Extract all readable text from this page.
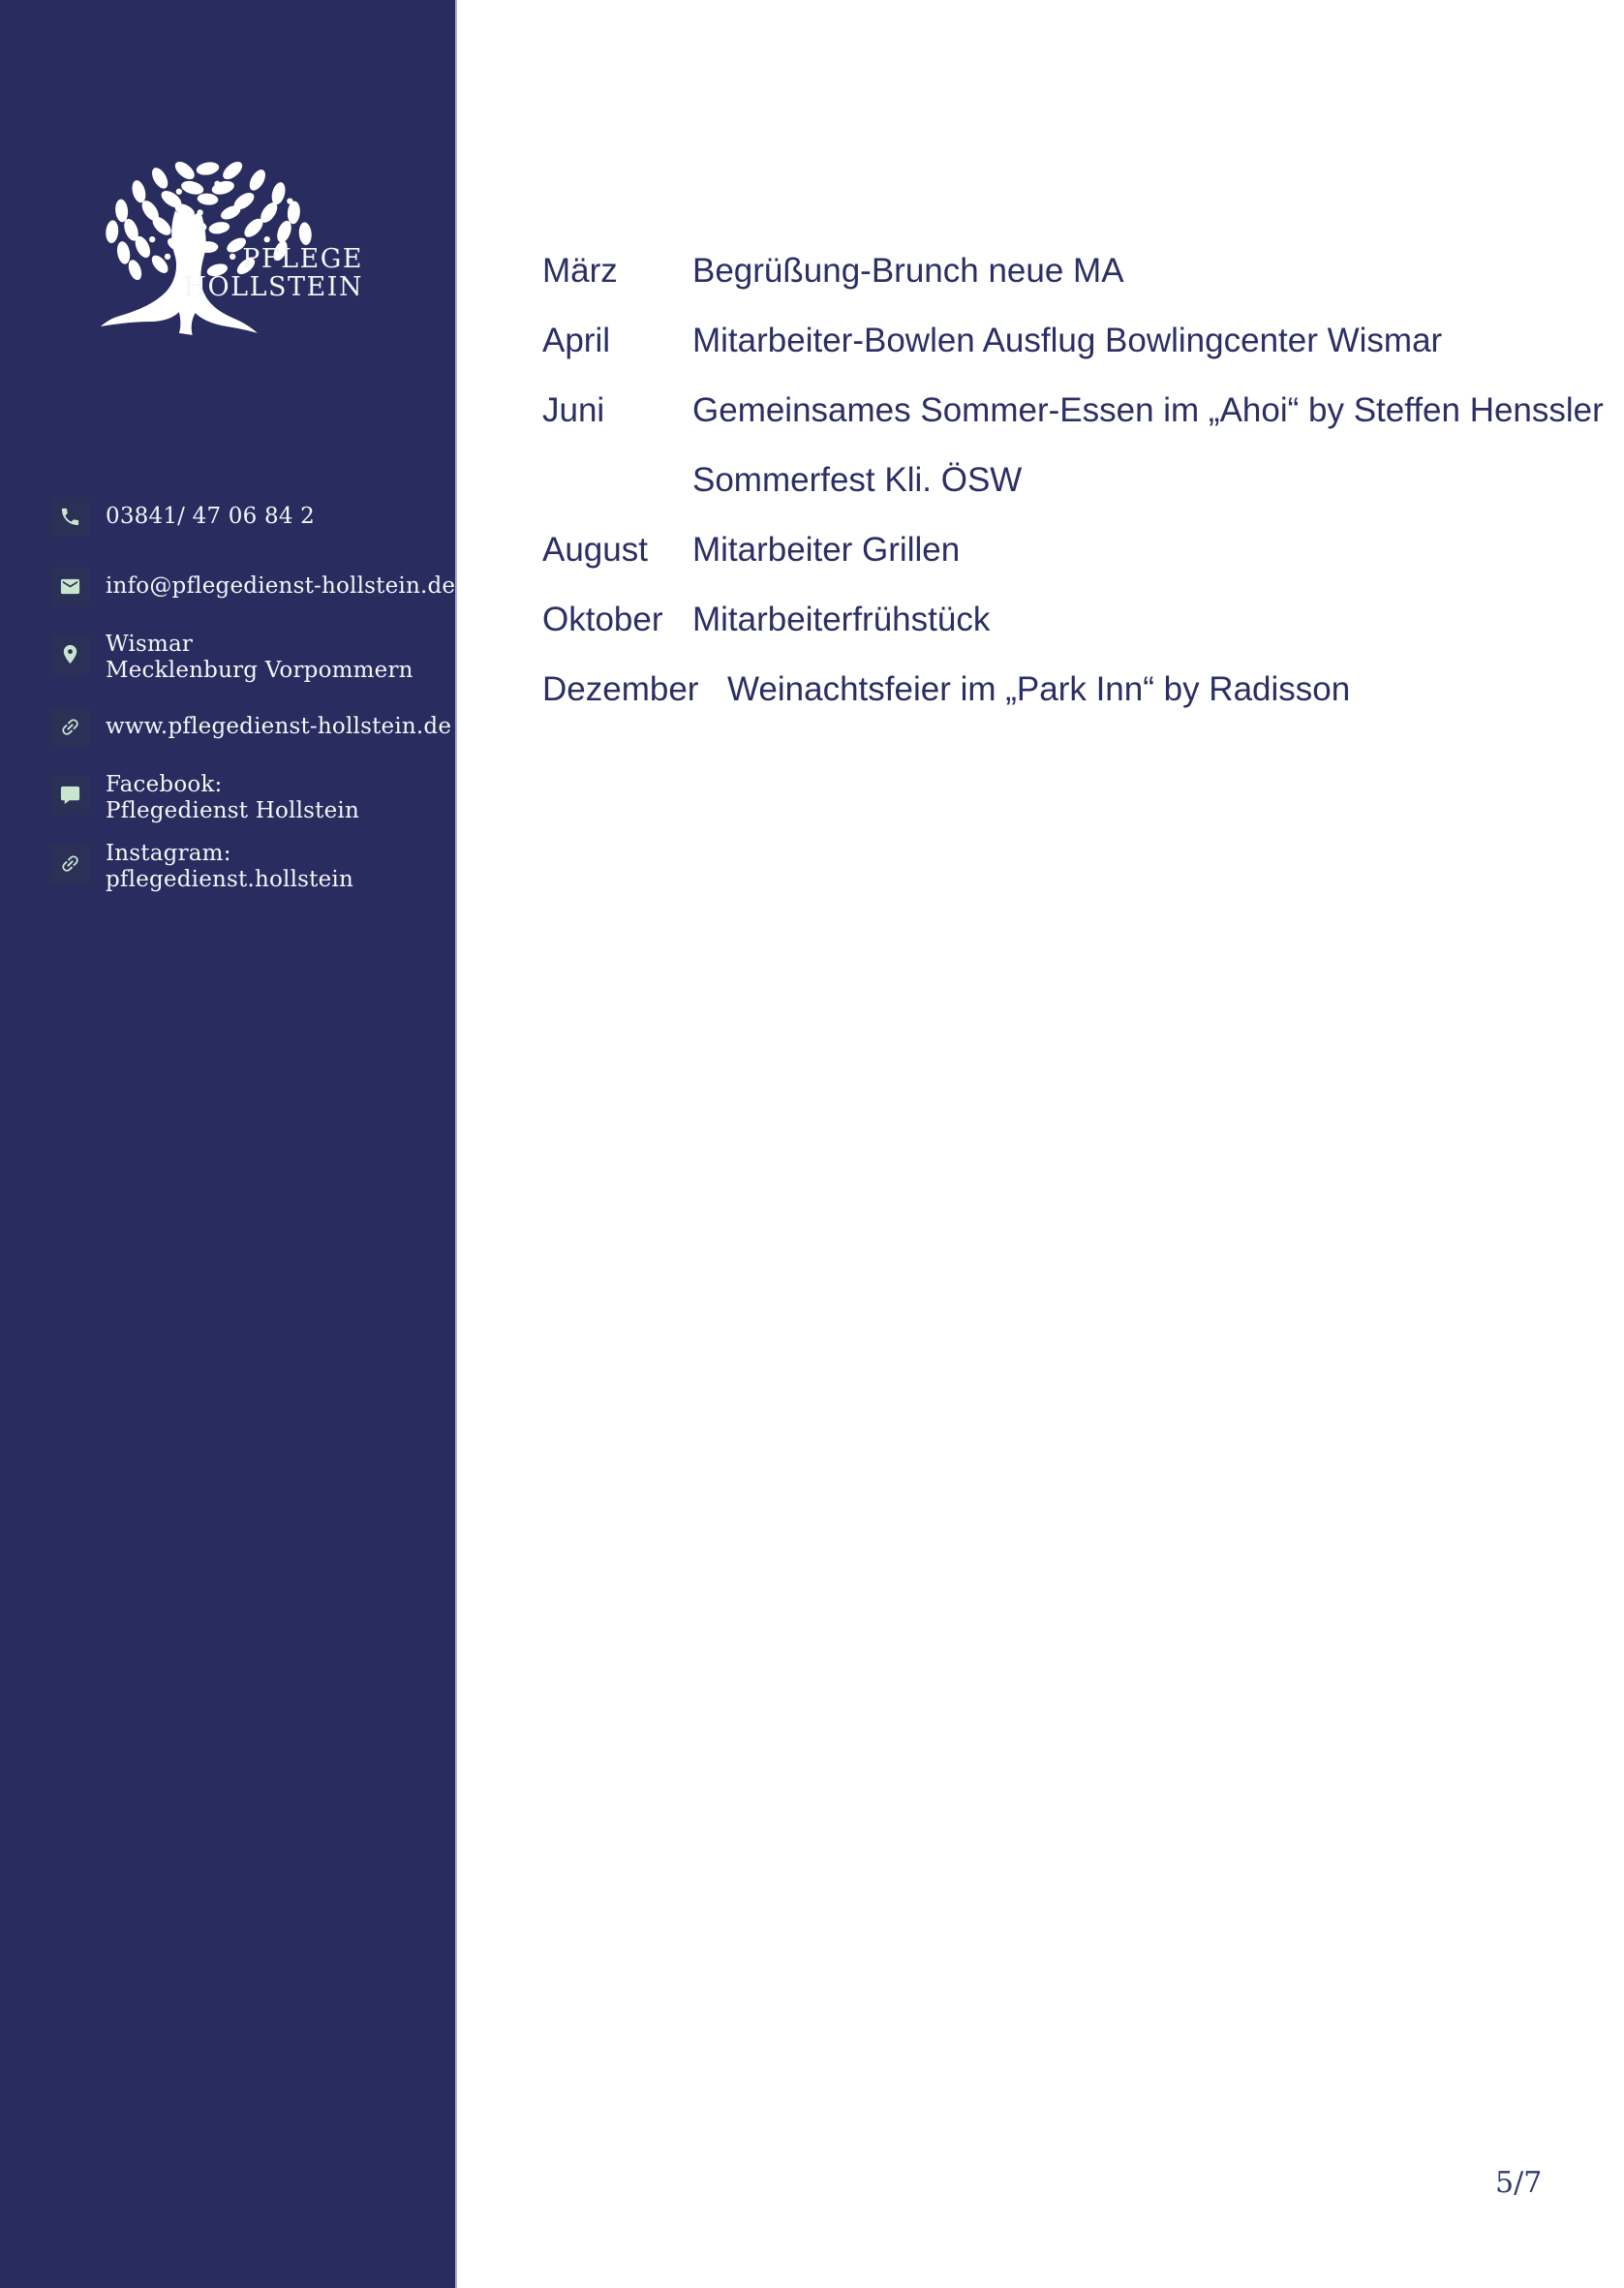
PFLEGE
HOLLSTEIN
03841/ 47 06 84 2
info@pflegedienst-hollstein.de
Wismar
Mecklenburg Vorpommern
www.pflegedienst-hollstein.de
Facebook:
Pflegedienst Hollstein
Instagram:
pflegedienst.hollstein
März	Begrüßung-Brunch neue MA
April	Mitarbeiter-Bowlen Ausflug Bowlingcenter Wismar
Juni	Gemeinsames Sommer-Essen im „Ahoi“ by Steffen Henssler
Sommerfest Kli. ÖSW
August	Mitarbeiter Grillen
Oktober Mitarbeiterfrühstück
Dezember Weinachtsfeier im „Park Inn“ by Radisson
5/7
